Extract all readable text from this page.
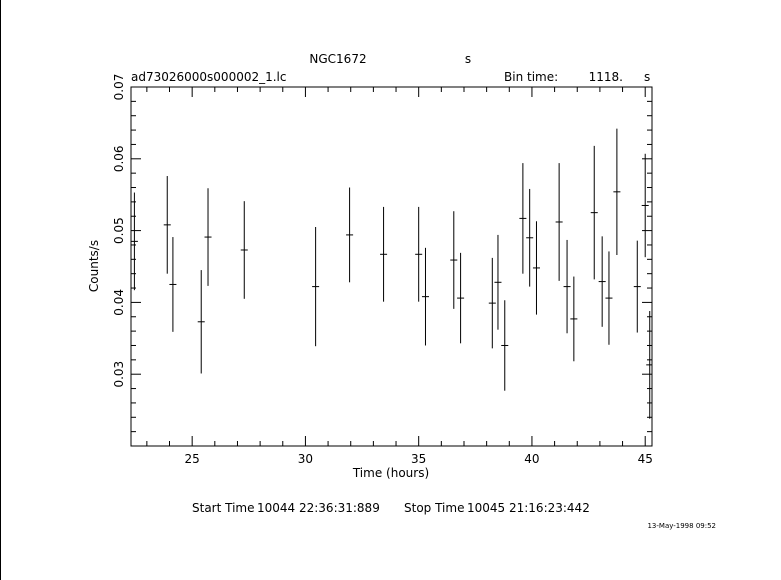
NGC1672	s
ad73026000s000002_1.lc	Bin time:	1118. s
25	30	35	40	45
0.03
0.04
0.05
0.06
0.07
Time (hours)
Counts/s
Start Time 10044 22:36:31:889 Stop Time 10045 21:16:23:442
13-May-1998 09:52
